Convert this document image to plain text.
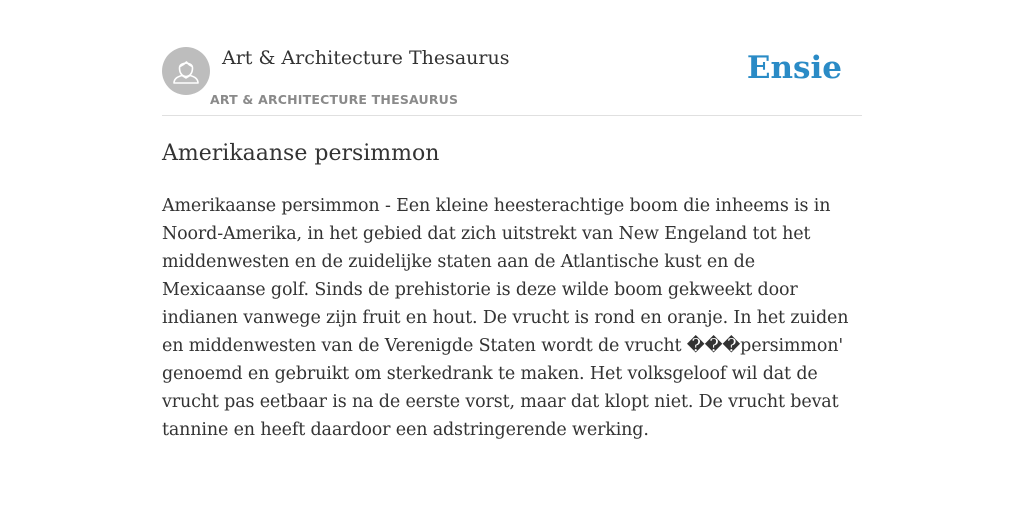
Art & Architecture Thesaurus
ART & ARCHITECTURE THESAURUS
Ensie
Amerikaanse persimmon

Amerikaanse persimmon - Een kleine heesterachtige boom die inheems is in Noord-Amerika, in het gebied dat zich uitstrekt van New Engeland tot het middenwesten en de zuidelijke staten aan de Atlantische kust en de Mexicaanse golf. Sinds de prehistorie is deze wilde boom gekweekt door indianen vanwege zijn fruit en hout. De vrucht is rond en oranje. In het zuiden en middenwesten van de Verenigde Staten wordt de vrucht ���persimmon' genoemd en gebruikt om sterkedrank te maken. Het volksgeloof wil dat de vrucht pas eetbaar is na de eerste vorst, maar dat klopt niet. De vrucht bevat tannine en heeft daardoor een adstringerende werking.
